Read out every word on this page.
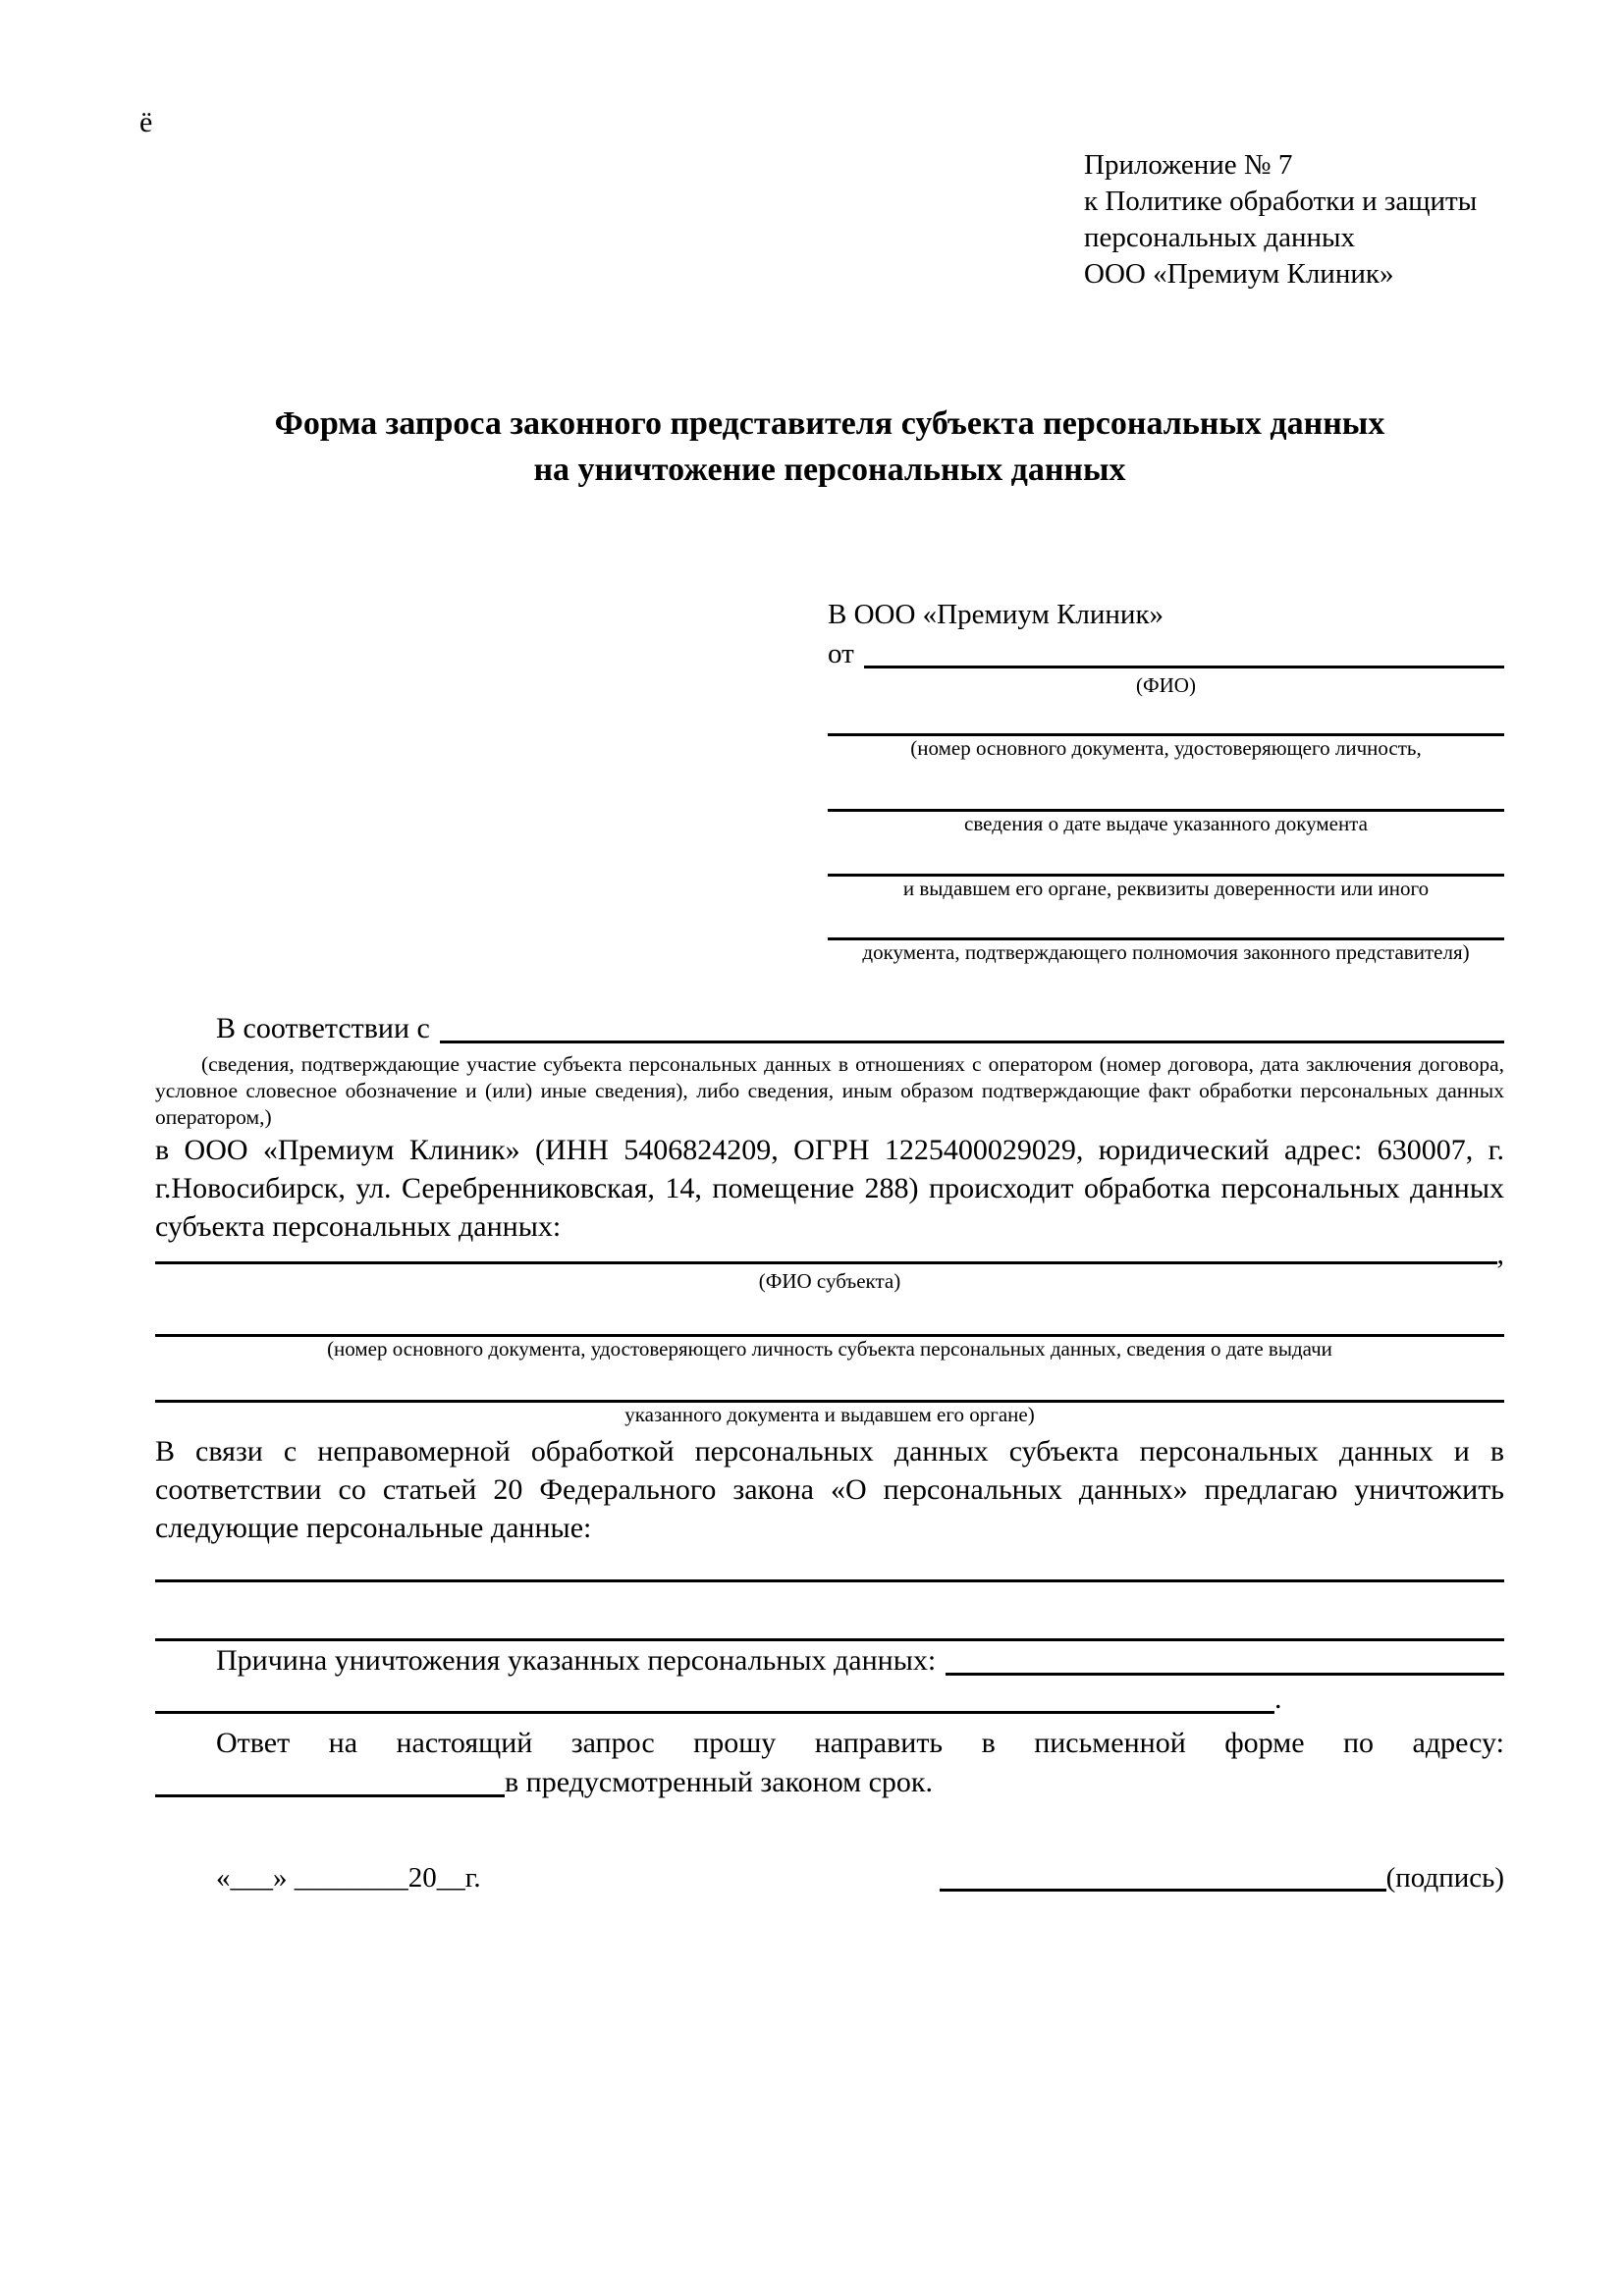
ё
Приложение № 7
к Политике обработки и защиты
персональных данных
ООО «Премиум Клиник»
Форма запроса законного представителя субъекта персональных данных
на уничтожение персональных данных
В ООО «Премиум Клиник»
от
(ФИО)
(номер основного документа, удостоверяющего личность,
сведения о дате выдаче указанного документа
и выдавшем его органе, реквизиты доверенности или иного
документа, подтверждающего полномочия законного представителя)
В соответствии с
(сведения, подтверждающие участие субъекта персональных данных в отношениях с оператором (номер договора, дата заключения договора, условное словесное обозначение и (или) иные сведения), либо сведения, иным образом подтверждающие факт обработки персональных данных оператором,)

в ООО «Премиум Клиник» (ИНН 5406824209, ОГРН 1225400029029, юридический адрес: 630007, г. г.Новосибирск, ул. Серебренниковская, 14, помещение 288) происходит обработка персональных данных субъекта персональных данных:

,
(ФИО субъекта)
(номер основного документа, удостоверяющего личность субъекта персональных данных, сведения о дате выдачи
указанного документа и выдавшем его органе)

В связи с неправомерной обработкой персональных данных субъекта персональных данных и в соответствии со статьей 20 Федерального закона «О персональных данных» предлагаю уничтожить следующие персональные данные:

Причина уничтожения указанных персональных данных:
.
Ответ на настоящий запрос прошу направить в письменной форме по адресу:
в предусмотренный законом срок.
«___» ________20__г.	(подпись)
